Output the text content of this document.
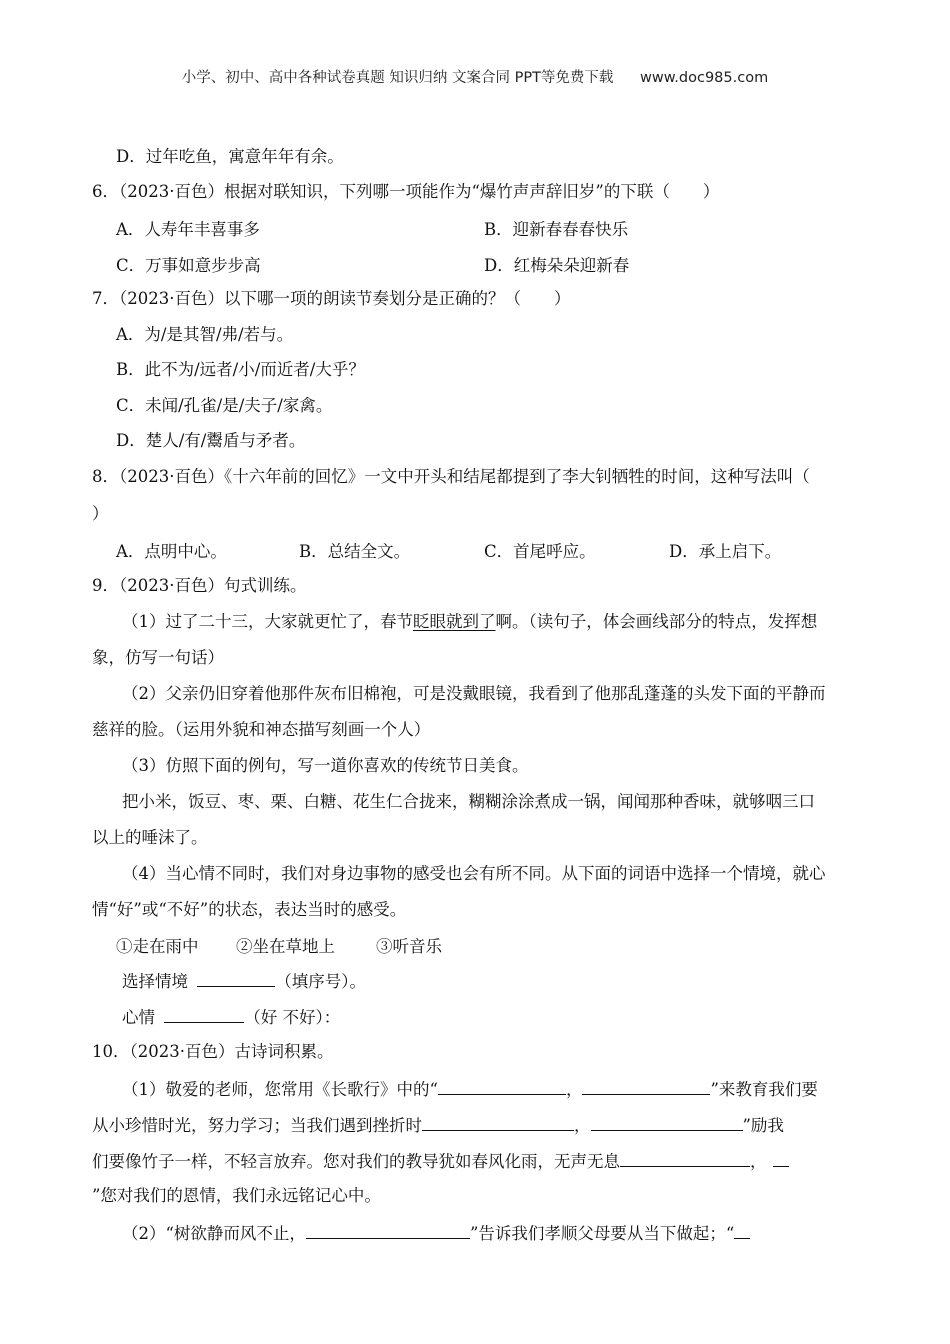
小学、初中、高中各种试卷真题 知识归纳 文案合同 PPT等免费下载 www.doc985.com
D．过年吃鱼，寓意年年有余。
6．（2023·百色）根据对联知识，下列哪一项能作为“爆竹声声辞旧岁”的下联（　　）
A．人寿年丰喜事多	B．迎新春春春快乐
C．万事如意步步高	D．红梅朵朵迎新春
7．（2023·百色）以下哪一项的朗读节奏划分是正确的？（　　）
A．为/是其智/弗/若与。
B．此不为/远者/小/而近者/大乎？
C．未闻/孔雀/是/夫子/家禽。
D．楚人/有/鬻盾与矛者。
8．（2023·百色）《十六年前的回忆》一文中开头和结尾都提到了李大钊牺牲的时间，这种写法叫（
）
A．点明中心。	B．总结全文。	C．首尾呼应。	D．承上启下。
9．（2023·百色）句式训练。
（1）过了二十三，大家就更忙了，春节眨眼就到了啊。（读句子，体会画线部分的特点，发挥想
象，仿写一句话）
（2）父亲仍旧穿着他那件灰布旧棉袍，可是没戴眼镜，我看到了他那乱蓬蓬的头发下面的平静而
慈祥的脸。（运用外貌和神态描写刻画一个人）
（3）仿照下面的例句，写一道你喜欢的传统节日美食。
把小米，饭豆、枣、栗、白糖、花生仁合拢来，糊糊涂涂煮成一锅，闻闻那种香味，就够咽三口
以上的唾沫了。
（4）当心情不同时，我们对身边事物的感受也会有所不同。从下面的词语中选择一个情境，就心
情“好”或“不好”的状态，表达当时的感受。
①走在雨中 ②坐在草地上 ③听音乐
选择情境	（填序号）。
心情	（好 不好）：
10．（2023·百色）古诗词积累。
（1）敬爱的老师，您常用《长歌行》中的“	，	”来教育我们要
从小珍惜时光，努力学习；当我们遇到挫折时	，	”励我
们要像竹子一样，不轻言放弃。您对我们的教导犹如春风化雨，无声无息	，
”您对我们的恩情，我们永远铭记心中。
（2）“树欲静而风不止，	”告诉我们孝顺父母要从当下做起；“
